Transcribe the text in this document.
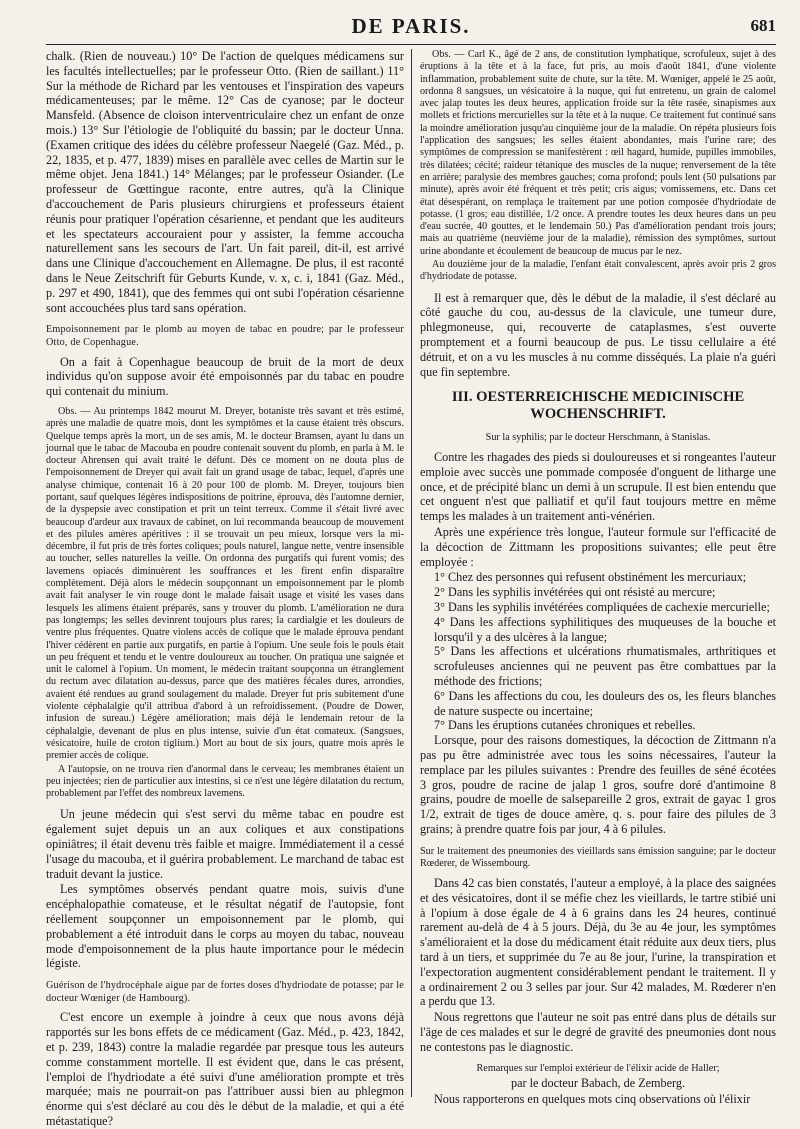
DE PARIS.	681

chalk. (Rien de nouveau.) 10° De l'action de quelques médicamens sur les facultés intellectuelles; par le professeur Otto. (Rien de saillant.) 11° Sur la méthode de Richard par les ventouses et l'inspiration des vapeurs médicamenteuses; par le même. 12° Cas de cyanose; par le docteur Mansfeld. (Absence de cloison interventriculaire chez un enfant de onze mois.) 13° Sur l'étiologie de l'obliquité du bassin; par le docteur Unna. (Examen critique des idées du célèbre professeur Naegelé (Gaz. Méd., p. 22, 1835, et p. 477, 1839) mises en parallèle avec celles de Martin sur le même objet. Jena 1841.) 14° Mélanges; par le professeur Osiander. (Le professeur de Gœttingue raconte, entre autres, qu'à la Clinique d'accouchement de Paris plusieurs chirurgiens et professeurs étaient réunis pour pratiquer l'opération césarienne, et pendant que les auditeurs et les spectateurs accouraient pour y assister, la femme accoucha naturellement sans les secours de l'art. Un fait pareil, dit-il, est arrivé dans une Clinique d'accouchement en Allemagne. De plus, il est raconté dans le Neue Zeitschrift für Geburts Kunde, v. x, c. i, 1841 (Gaz. Méd., p. 297 et 490, 1841), que des femmes qui ont subi l'opération césarienne sont accouchées plus tard sans opération.

Empoisonnement par le plomb au moyen de tabac en poudre; par le professeur Otto, de Copenhague.

On a fait à Copenhague beaucoup de bruit de la mort de deux individus qu'on suppose avoir été empoisonnés par du tabac en poudre qui contenait du minium.

Obs. — Au printemps 1842 mourut M. Dreyer, botaniste très savant et très estimé, après une maladie de quatre mois, dont les symptômes et la cause étaient très obscurs. Quelque temps après la mort, un de ses amis, M. le docteur Bramsen, ayant lu dans un journal que le tabac de Macouba en poudre contenait souvent du plomb, en parla à M. le docteur Ahrensen qui avait traité le défunt. Dès ce moment on ne douta plus de l'empoisonnement de Dreyer qui avait fait un grand usage de tabac, lequel, d'après une analyse chimique, contenait 16 à 20 pour 100 de plomb. M. Dreyer, toujours bien portant, sauf quelques légères indispositions de poitrine, éprouva, dès l'automne dernier, de la dyspepsie avec constipation et prit un teint terreux. Comme il s'était livré avec beaucoup d'ardeur aux travaux de cabinet, on lui recommanda beaucoup de mouvement et des pilules amères apéritives : il se trouvait un peu mieux, lorsque vers la mi-décembre, il fut pris de très fortes coliques; pouls naturel, langue nette, ventre insensible au toucher, selles naturelles la veille. On ordonna des purgatifs qui furent vomis; des lavemens opiacés diminuèrent les souffrances et les firent enfin disparaître complètement. Déjà alors le médecin soupçonnant un empoisonnement par le plomb avait fait analyser le vin rouge dont le malade faisait usage et visité les vases dans lesquels les alimens étaient préparés, sans y trouver du plomb. L'amélioration ne dura pas longtemps; les selles devinrent toujours plus rares; la cardialgie et les douleurs de ventre plus fréquentes. Quatre violens accès de colique que le malade éprouva pendant l'hiver cédèrent en partie aux purgatifs, en partie à l'opium. Une seule fois le pouls était un peu fréquent et tendu et le ventre douloureux au toucher. On pratiqua une saignée et unit le calomel à l'opium. Un moment, le médecin traitant soupçonna un étranglement du rectum avec dilatation au-dessus, parce que des matières fécales dures, arrondies, avaient été rendues au grand soulagement du malade. Dreyer fut pris subitement d'une violente céphalalgie qu'il attribua d'abord à un refroidissement. (Poudre de Dower, infusion de sureau.) Légère amélioration; mais déjà le lendemain retour de la céphalalgie, devenant de plus en plus intense, suivie d'un état comateux. (Sangsues, vésicatoire, huile de croton tiglium.) Mort au bout de six jours, quatre mois après le premier accès de colique.

A l'autopsie, on ne trouva rien d'anormal dans le cerveau; les membranes étaient un peu injectées; rien de particulier aux intestins, si ce n'est une légère dilatation du rectum, probablement par l'effet des nombreux lavemens.

Un jeune médecin qui s'est servi du même tabac en poudre est également sujet depuis un an aux coliques et aux constipations opiniâtres; il était devenu très faible et maigre. Immédiatement il a cessé l'usage du macouba, et il guérira probablement. Le marchand de tabac est traduit devant la justice.

Les symptômes observés pendant quatre mois, suivis d'une encéphalopathie comateuse, et le résultat négatif de l'autopsie, font réellement soupçonner un empoisonnement par le plomb, qui probablement a été introduit dans le corps au moyen du tabac, nouveau mode d'empoisonnement de la plus haute importance pour le médecin légiste.

Guérison de l'hydrocéphale aigue par de fortes doses d'hydriodate de potasse; par le docteur Wœniger (de Hambourg).

C'est encore un exemple à joindre à ceux que nous avons déjà rapportés sur les bons effets de ce médicament (Gaz. Méd., p. 423, 1842, et p. 239, 1843) contre la maladie regardée par presque tous les auteurs comme constamment mortelle. Il est évident que, dans le cas présent, l'emploi de l'hydriodate a été suivi d'une amélioration prompte et très marquée; mais ne pourrait-on pas l'attribuer aussi bien au phlegmon énorme qui s'est déclaré au cou dès le début de la maladie, et qui a été métastatique?

Obs. — Carl K., âgé de 2 ans, de constitution lymphatique, scrofuleux, sujet à des éruptions à la tête et à la face, fut pris, au mois d'août 1841, d'une violente inflammation, probablement suite de chute, sur la tête. M. Wœniger, appelé le 25 août, ordonna 8 sangsues, un vésicatoire à la nuque, qui fut entretenu, un grain de calomel avec jalap toutes les deux heures, application froide sur la tête rasée, sinapismes aux mollets et frictions mercurielles sur la tête et à la nuque. Ce traitement fut continué sans la moindre amélioration jusqu'au cinquième jour de la maladie. On répéta plusieurs fois l'application des sangsues; les selles étaient abondantes, mais l'urine rare; des symptômes de compression se manifestèrent : œil hagard, humide, pupilles immobiles, très dilatées; cécité; raideur tétanique des muscles de la nuque; renversement de la tête en arrière; paralysie des membres gauches; coma profond; pouls lent (50 pulsations par minute), après avoir été fréquent et très petit; cris aigus; vomissemens, etc. Dans cet état désespérant, on remplaça le traitement par une potion composée d'hydriodate de potasse. (1 gros; eau distillée, 1/2 once. A prendre toutes les deux heures dans un peu d'eau sucrée, 40 gouttes, et le lendemain 50.) Pas d'amélioration pendant trois jours; mais au quatrième (neuvième jour de la maladie), rémission des symptômes, surtout urine abondante et écoulement de beaucoup de mucus par le nez.

Au douzième jour de la maladie, l'enfant était convalescent, après avoir pris 2 gros d'hydriodate de potasse.

Il est à remarquer que, dès le début de la maladie, il s'est déclaré au côté gauche du cou, au-dessus de la clavicule, une tumeur dure, phlegmoneuse, qui, recouverte de cataplasmes, s'est ouverte promptement et a fourni beaucoup de pus. Le tissu cellulaire a été détruit, et on a vu les muscles à nu comme disséqués. La plaie n'a guéri que fin septembre.

III. OESTERREICHISCHE MEDICINISCHE WOCHENSCHRIFT.

Sur la syphilis; par le docteur Herschmann, à Stanislas.

Contre les rhagades des pieds si douloureuses et si rongeantes l'auteur emploie avec succès une pommade composée d'onguent de litharge une once, et de précipité blanc un demi à un scrupule. Il est bien entendu que cet onguent n'est que palliatif et qu'il faut toujours mettre en même temps les malades à un traitement anti-vénérien.

Après une expérience très longue, l'auteur formule sur l'efficacité de la décoction de Zittmann les propositions suivantes; elle peut être employée :

1° Chez des personnes qui refusent obstinément les mercuriaux;

2° Dans les syphilis invétérées qui ont résisté au mercure;

3° Dans les syphilis invétérées compliquées de cachexie mercurielle;

4° Dans les affections syphilitiques des muqueuses de la bouche et lorsqu'il y a des ulcères à la langue;

5° Dans les affections et ulcérations rhumatismales, arthritiques et scrofuleuses anciennes qui ne peuvent pas être combattues par la méthode des frictions;

6° Dans les affections du cou, les douleurs des os, les fleurs blanches de nature suspecte ou incertaine;

7° Dans les éruptions cutanées chroniques et rebelles.

Lorsque, pour des raisons domestiques, la décoction de Zittmann n'a pas pu être administrée avec tous les soins nécessaires, l'auteur la remplace par les pilules suivantes : Prendre des feuilles de séné écotées 3 gros, poudre de racine de jalap 1 gros, soufre doré d'antimoine 8 grains, poudre de moelle de salsepareille 2 gros, extrait de gayac 1 gros 1/2, extrait de tiges de douce amère, q. s. pour faire des pilules de 3 grains; à prendre quatre fois par jour, 4 à 6 pilules.

Sur le traitement des pneumonies des vieillards sans émission sanguine; par le docteur Rœderer, de Wissembourg.

Dans 42 cas bien constatés, l'auteur a employé, à la place des saignées et des vésicatoires, dont il se méfie chez les vieillards, le tartre stibié uni à l'opium à dose égale de 4 à 6 grains dans les 24 heures, continué rarement au-delà de 4 à 5 jours. Déjà, du 3e au 4e jour, les symptômes s'amélioraient et la dose du médicament était réduite aux deux tiers, plus tard à un tiers, et supprimée du 7e au 8e jour, l'urine, la transpiration et l'expectoration augmentent considérablement pendant le traitement. Il y a ordinairement 2 ou 3 selles par jour. Sur 42 malades, M. Rœderer n'en a perdu que 13.

Nous regrettons que l'auteur ne soit pas entré dans plus de détails sur l'âge de ces malades et sur le degré de gravité des pneumonies dont nous ne contestons pas le diagnostic.

Remarques sur l'emploi extérieur de l'élixir acide de Haller;

par le docteur Babach, de Zemberg.

Nous rapporterons en quelques mots cinq observations où l'élixir
